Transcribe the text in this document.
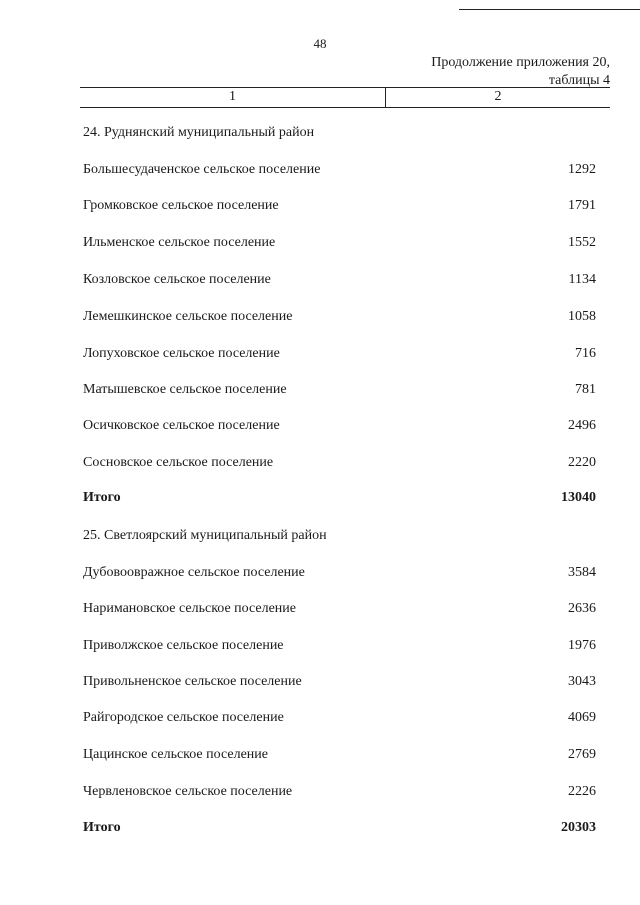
48
Продолжение приложения 20,
таблицы 4
1	2
24. Руднянский муниципальный район
Большесудаченское сельское поселение	1292
Громковское сельское поселение	1791
Ильменское сельское поселение	1552
Козловское сельское поселение	1134
Лемешкинское сельское поселение	1058
Лопуховское сельское поселение	716
Матышевское сельское поселение	781
Осичковское сельское поселение	2496
Сосновское сельское поселение	2220
Итого	13040
25. Светлоярский муниципальный район
Дубовоовражное сельское поселение	3584
Наримановское сельское поселение	2636
Приволжское сельское поселение	1976
Привольненское сельское поселение	3043
Райгородское сельское поселение	4069
Цацинское сельское поселение	2769
Червленовское сельское поселение	2226
Итого	20303
